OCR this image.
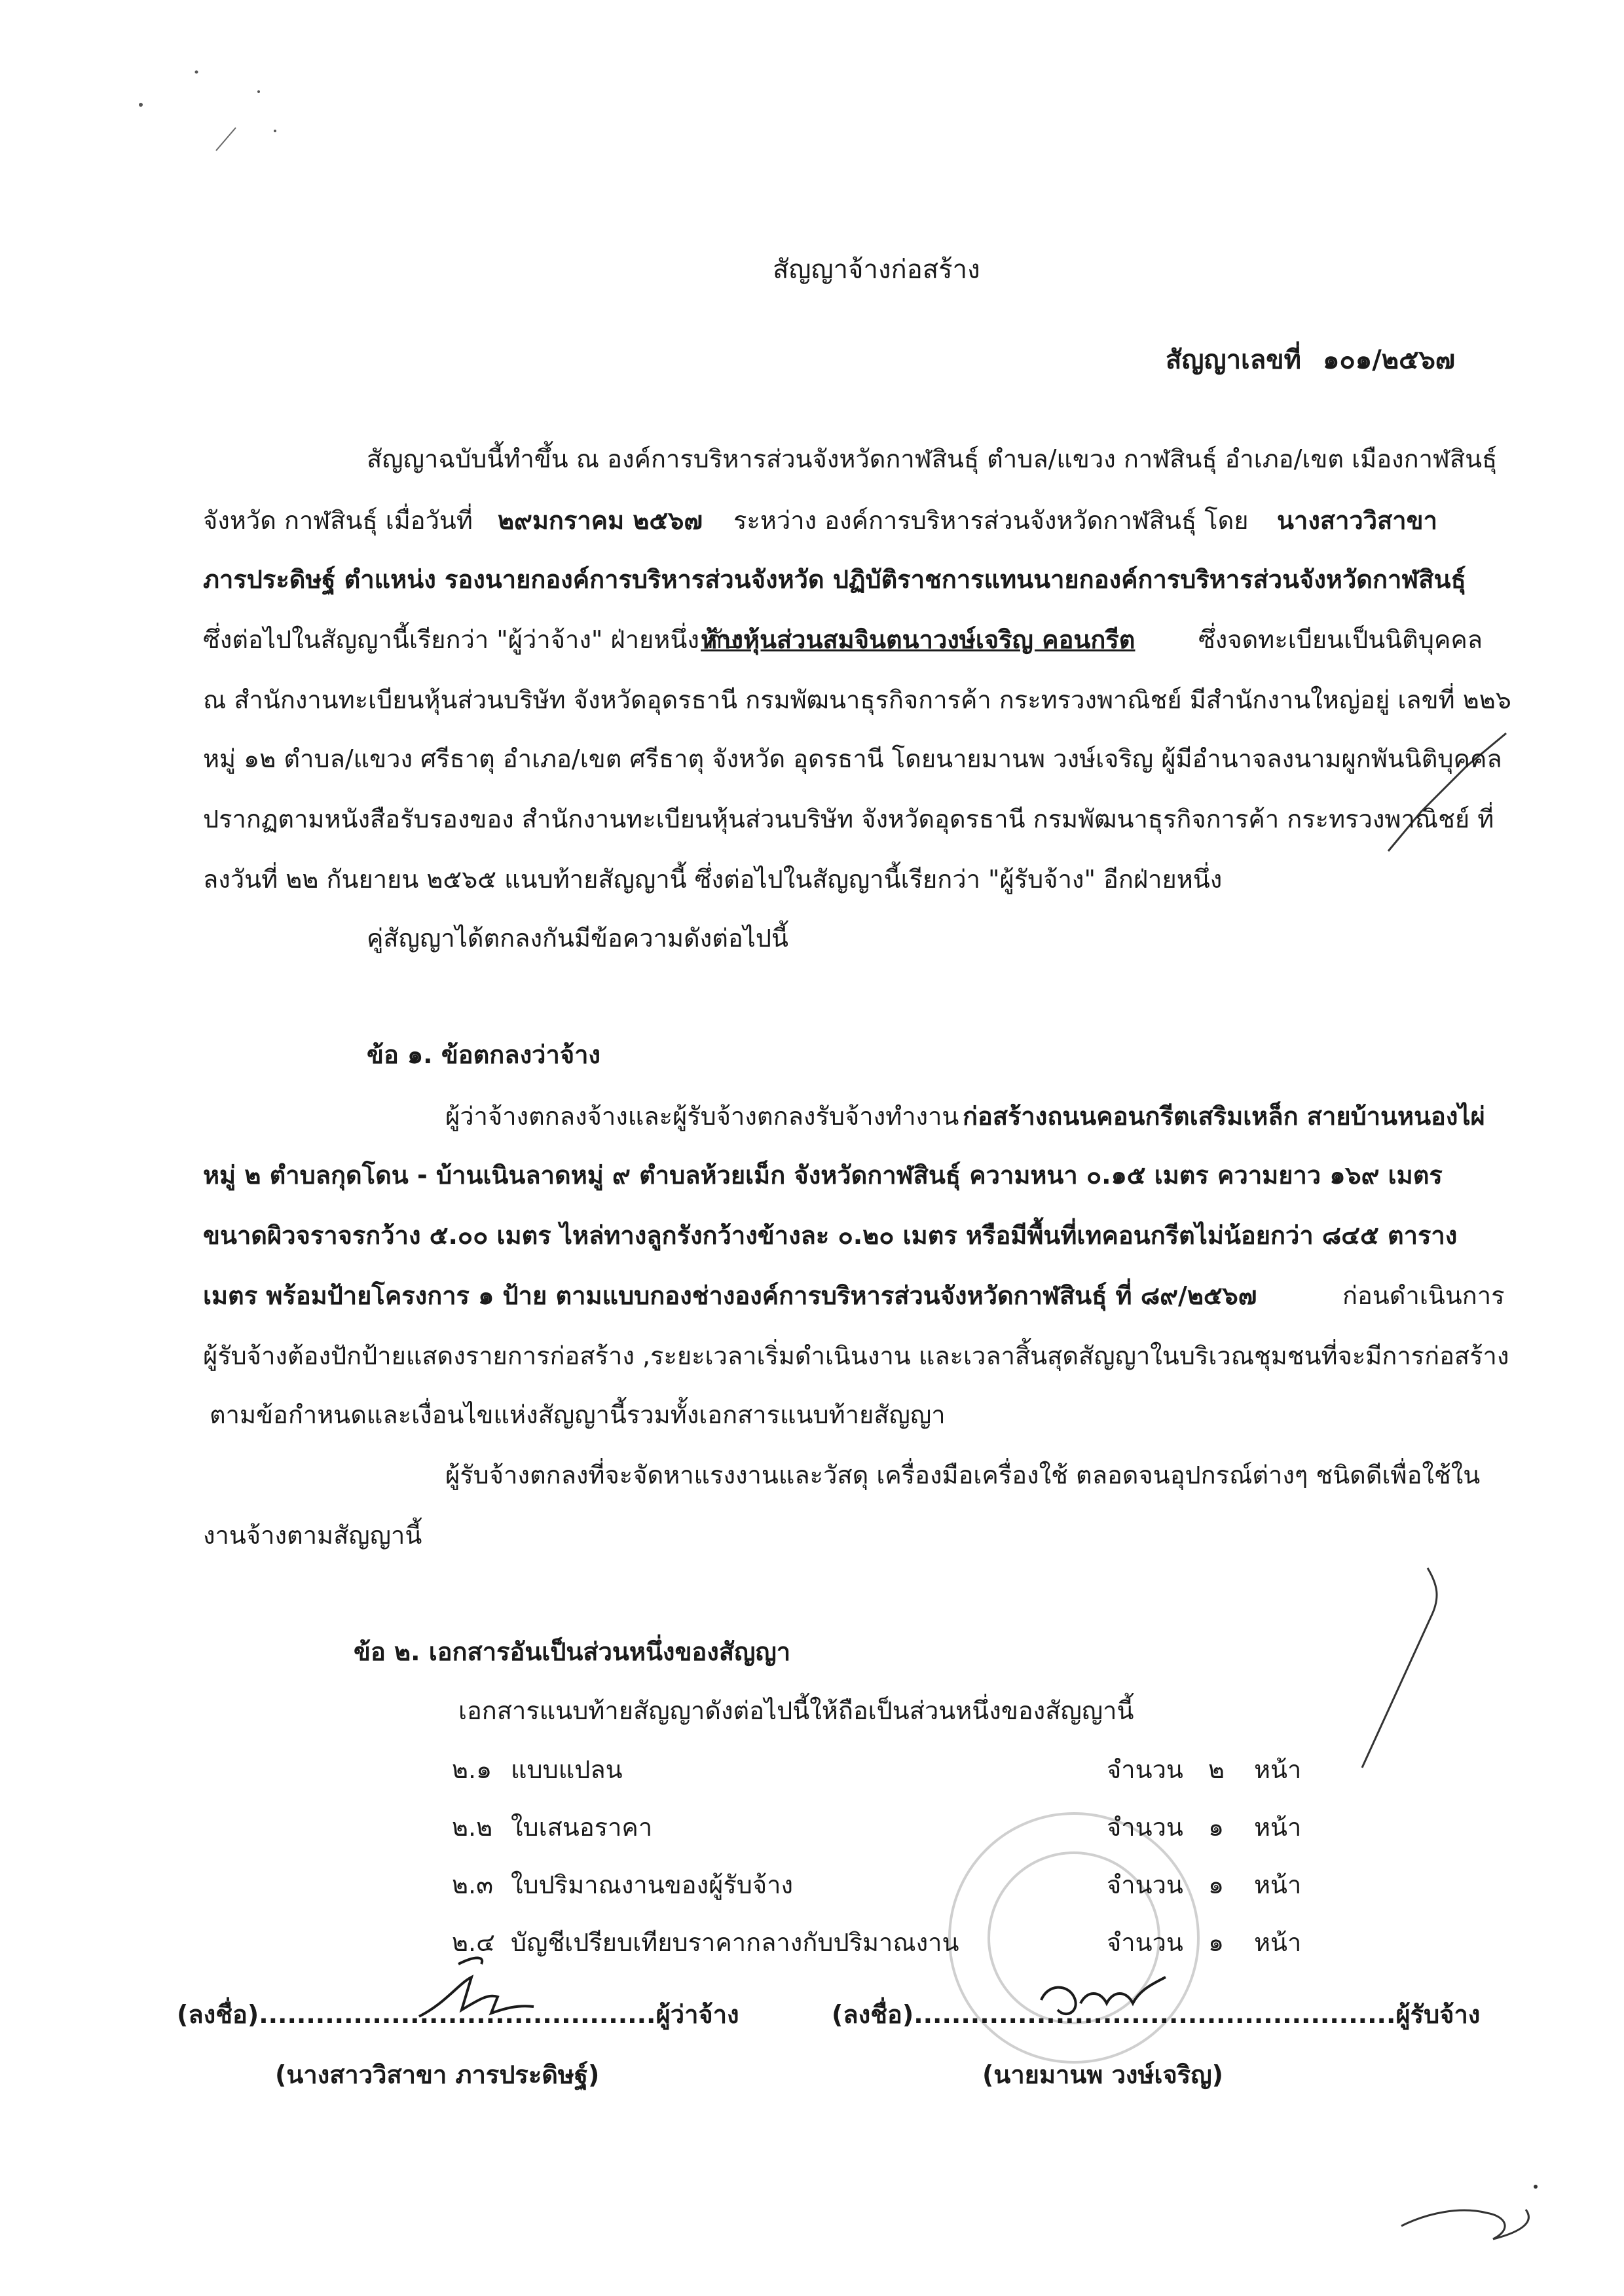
สัญญาจ้างก่อสร้าง
สัญญาเลขที่ ๑๐๑/๒๕๖๗
สัญญาฉบับนี้ทำขึ้น ณ องค์การบริหารส่วนจังหวัดกาฬสินธุ์ ตำบล/แขวง กาฬสินธุ์ อำเภอ/เขต เมืองกาฬสินธุ์
จังหวัด กาฬสินธุ์ เมื่อวันที่ ๒๙มกราคม ๒๕๖๗ ระหว่าง องค์การบริหารส่วนจังหวัดกาฬสินธุ์ โดย นางสาววิสาขา
ภารประดิษฐ์ ตำแหน่ง รองนายกองค์การบริหารส่วนจังหวัด ปฏิบัติราชการแทนนายกองค์การบริหารส่วนจังหวัดกาฬสินธุ์
ซึ่งต่อไปในสัญญานี้เรียกว่า "ผู้ว่าจ้าง" ฝ่ายหนึ่ง กับ
ห้างหุ้นส่วนสมจินตนาวงษ์เจริญ คอนกรีต	ซึ่งจดทะเบียนเป็นนิติบุคคล
ณ สำนักงานทะเบียนหุ้นส่วนบริษัท จังหวัดอุดรธานี กรมพัฒนาธุรกิจการค้า กระทรวงพาณิชย์ มีสำนักงานใหญ่อยู่ เลขที่ ๒๒๖
หมู่ ๑๒ ตำบล/แขวง ศรีธาตุ อำเภอ/เขต ศรีธาตุ จังหวัด อุดรธานี โดยนายมานพ วงษ์เจริญ ผู้มีอำนาจลงนามผูกพันนิติบุคคล
ปรากฏตามหนังสือรับรองของ สำนักงานทะเบียนหุ้นส่วนบริษัท จังหวัดอุดรธานี กรมพัฒนาธุรกิจการค้า กระทรวงพาณิชย์ ที่
ลงวันที่ ๒๒ กันยายน ๒๕๖๕ แนบท้ายสัญญานี้ ซึ่งต่อไปในสัญญานี้เรียกว่า "ผู้รับจ้าง" อีกฝ่ายหนึ่ง
คู่สัญญาได้ตกลงกันมีข้อความดังต่อไปนี้
ข้อ ๑. ข้อตกลงว่าจ้าง
ผู้ว่าจ้างตกลงจ้างและผู้รับจ้างตกลงรับจ้างทำงาน ก่อสร้างถนนคอนกรีตเสริมเหล็ก สายบ้านหนองไผ่
หมู่ ๒ ตำบลกุดโดน - บ้านเนินลาดหมู่ ๙ ตำบลห้วยเม็ก จังหวัดกาฬสินธุ์ ความหนา ๐.๑๕ เมตร ความยาว ๑๖๙ เมตร
ขนาดผิวจราจรกว้าง ๕.๐๐ เมตร ไหล่ทางลูกรังกว้างข้างละ ๐.๒๐ เมตร หรือมีพื้นที่เทคอนกรีตไม่น้อยกว่า ๘๔๕ ตาราง
เมตร พร้อมป้ายโครงการ ๑ ป้าย ตามแบบกองช่างองค์การบริหารส่วนจังหวัดกาฬสินธุ์ ที่ ๘๙/๒๕๖๗	ก่อนดำเนินการ
ผู้รับจ้างต้องปักป้ายแสดงรายการก่อสร้าง ,ระยะเวลาเริ่มดำเนินงาน และเวลาสิ้นสุดสัญญาในบริเวณชุมชนที่จะมีการก่อสร้าง
ตามข้อกำหนดและเงื่อนไขแห่งสัญญานี้รวมทั้งเอกสารแนบท้ายสัญญา
ผู้รับจ้างตกลงที่จะจัดหาแรงงานและวัสดุ เครื่องมือเครื่องใช้ ตลอดจนอุปกรณ์ต่างๆ ชนิดดีเพื่อใช้ใน
งานจ้างตามสัญญานี้
ข้อ ๒. เอกสารอันเป็นส่วนหนึ่งของสัญญา
เอกสารแนบท้ายสัญญาดังต่อไปนี้ให้ถือเป็นส่วนหนึ่งของสัญญานี้
๒.๑ แบบแปลน	จำนวน ๒ หน้า
๒.๒ ใบเสนอราคา	จำนวน ๑ หน้า
๒.๓ ใบปริมาณงานของผู้รับจ้าง	จำนวน ๑ หน้า
๒.๔ บัญชีเปรียบเทียบราคากลางกับปริมาณงาน	จำนวน ๑ หน้า
(ลงชื่อ)..........................................ผู้ว่าจ้าง
(นางสาววิสาขา ภารประดิษฐ์)
(ลงชื่อ)...................................................ผู้รับจ้าง
(นายมานพ วงษ์เจริญ)
